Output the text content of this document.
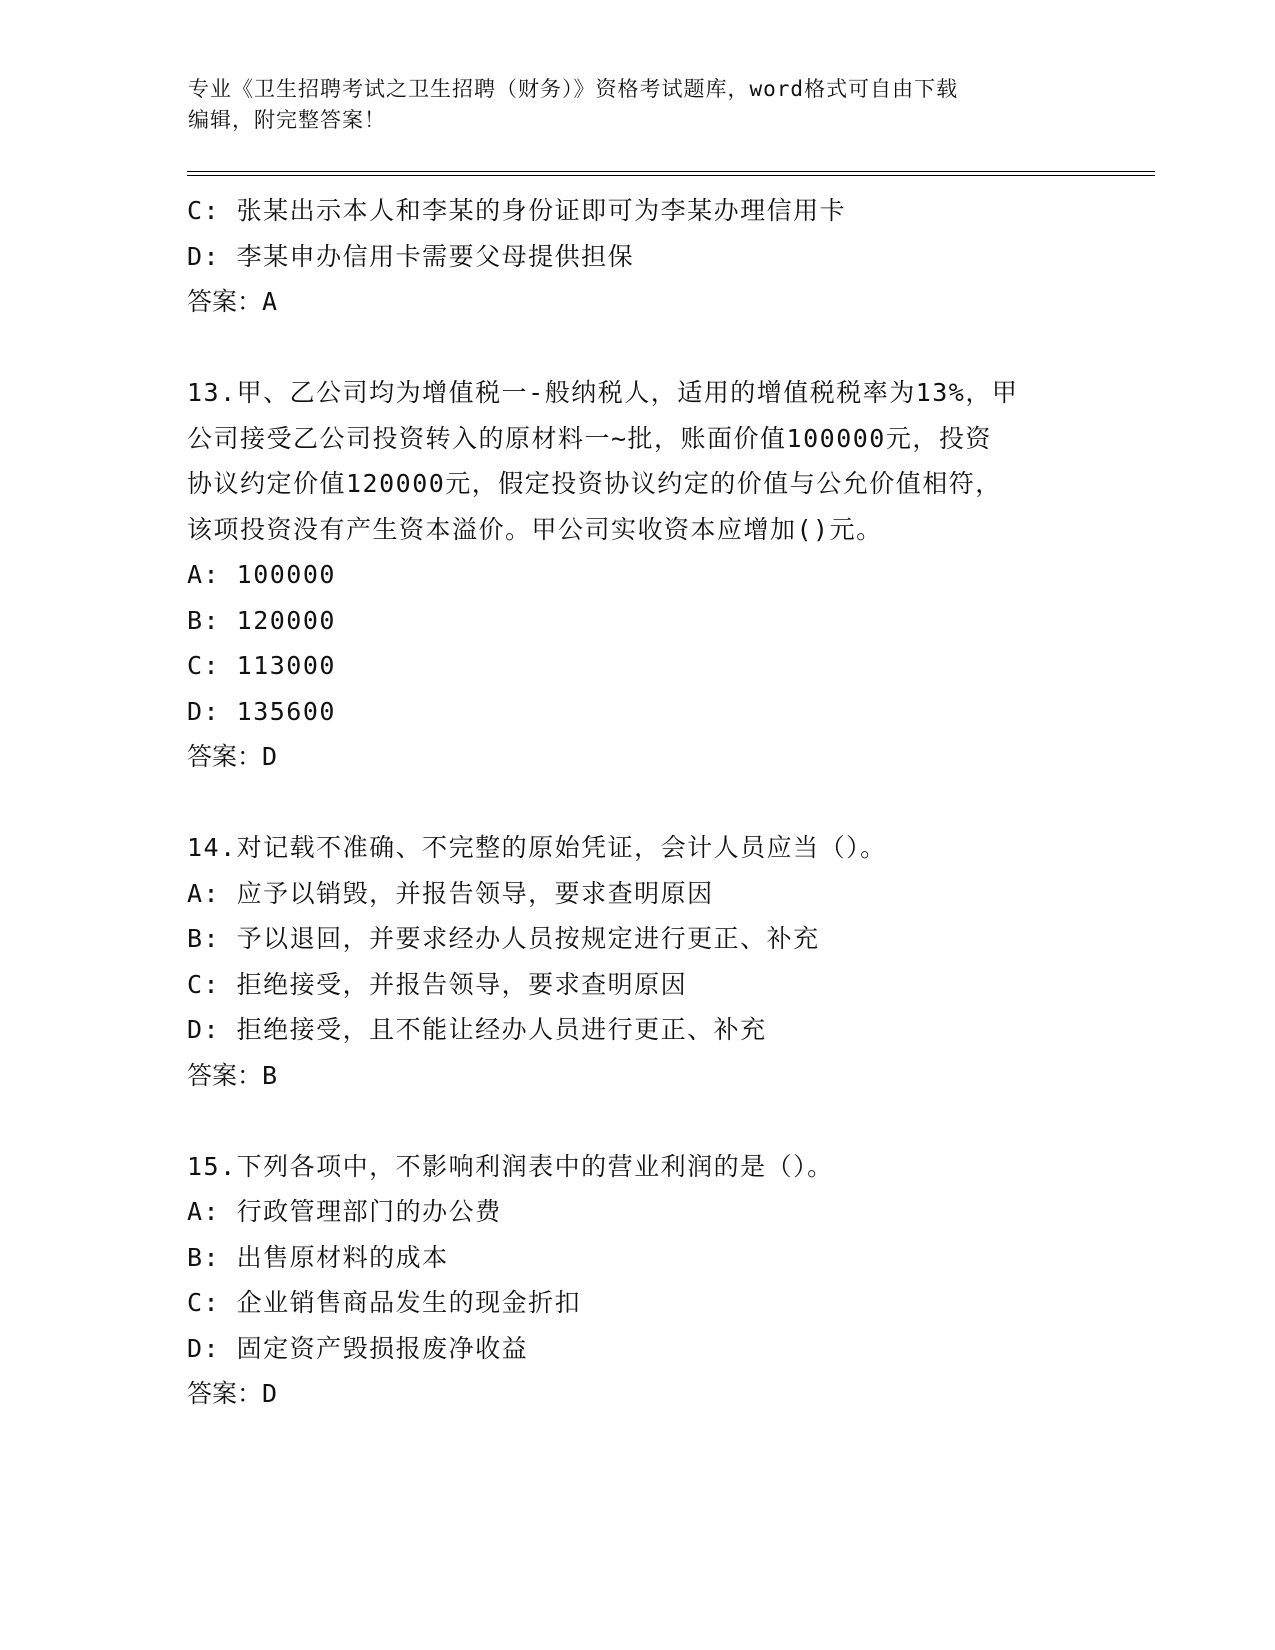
专业《卫生招聘考试之卫生招聘（财务）》资格考试题库，word格式可自由下载
编辑，附完整答案！
C: 张某出示本人和李某的身份证即可为李某办理信用卡
D: 李某申办信用卡需要父母提供担保
答案：A
13.甲、乙公司均为增值税一-般纳税人，适用的增值税税率为13%，甲
公司接受乙公司投资转入的原材料一~批，账面价值100000元，投资
协议约定价值120000元，假定投资协议约定的价值与公允价值相符，
该项投资没有产生资本溢价。甲公司实收资本应增加()元。
A: 100000
B: 120000
C: 113000
D: 135600
答案：D
14.对记载不准确、不完整的原始凭证，会计人员应当（）。
A: 应予以销毁，并报告领导，要求查明原因
B: 予以退回，并要求经办人员按规定进行更正、补充
C: 拒绝接受，并报告领导，要求查明原因
D: 拒绝接受，且不能让经办人员进行更正、补充
答案：B
15.下列各项中，不影响利润表中的营业利润的是（）。
A: 行政管理部门的办公费
B: 出售原材料的成本
C: 企业销售商品发生的现金折扣
D: 固定资产毁损报废净收益
答案：D
